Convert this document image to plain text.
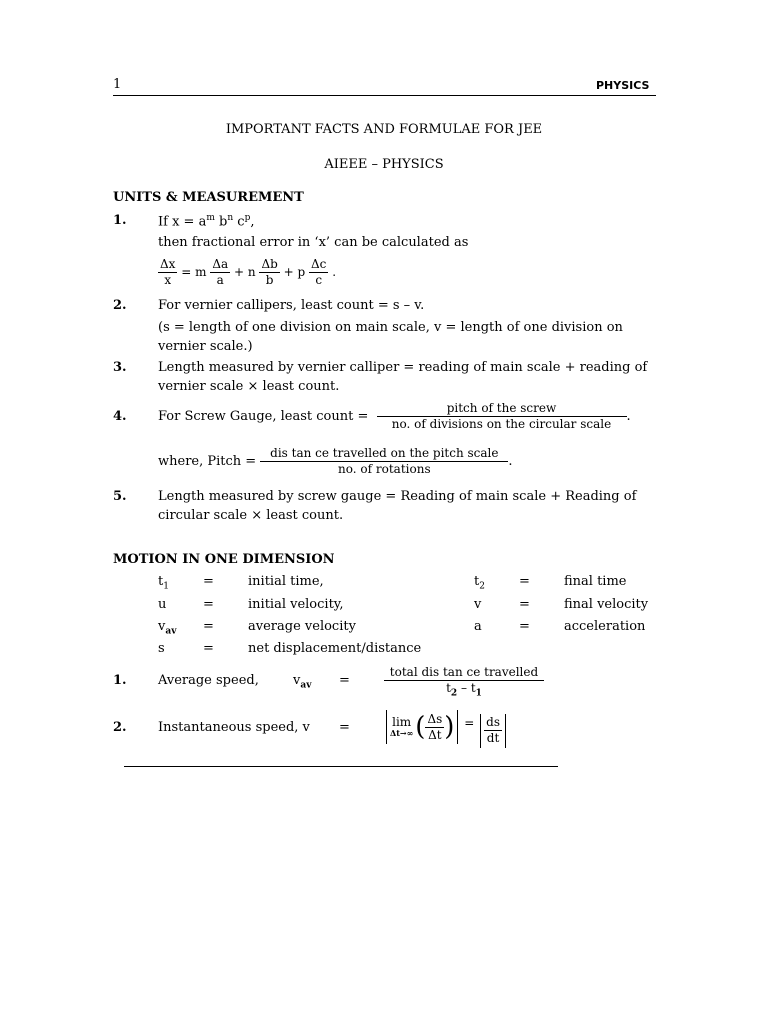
1	PHYSICS
IMPORTANT FACTS AND FORMULAE FOR JEE
AIEEE – PHYSICS
UNITS & MEASUREMENT
1. If $x = a^m$ $b^n$ $c^p$,
then fractional error in ‘x’ can be calculated as
$\frac{\Delta x}{x} = m \frac{\Delta a}{a} + n \frac{\Delta b}{b} + p \frac{\Delta c}{c}$ .
2. For vernier callipers, least count = s – v.
(s = length of one division on main scale, v = length of one division on
vernier scale.)
3. Length measured by vernier calliper = reading of main scale + reading of
vernier scale × least count.
4. For Screw Gauge, least count = $\frac{\text{pitch of the screw}}{\text{no. of divisions on the circular scale}}$ .
where, Pitch = $\frac{\text{dis tan ce travelled on the pitch scale}}{\text{no. of rotations}}$ .
5. Length measured by screw gauge = Reading of main scale + Reading of
circular scale × least count.
MOTION IN ONE DIMENSION
$t_1$	=	initial time,	$t_2$	=	final time
u	=	initial velocity,	v	=	final velocity
$v_{av}$ =	average velocity	a	=	acceleration
s	=	net displacement/distance
1. Average speed,	$v_{av}$ =	$\frac{\text{total dis tan ce travelled}}{t_2 - t_1}$
2. Instantaneous speed, v =	lim
Δt→∞ ( $\frac{\Delta s}{\Delta t}$ ) = $\frac{ds}{dt}$
